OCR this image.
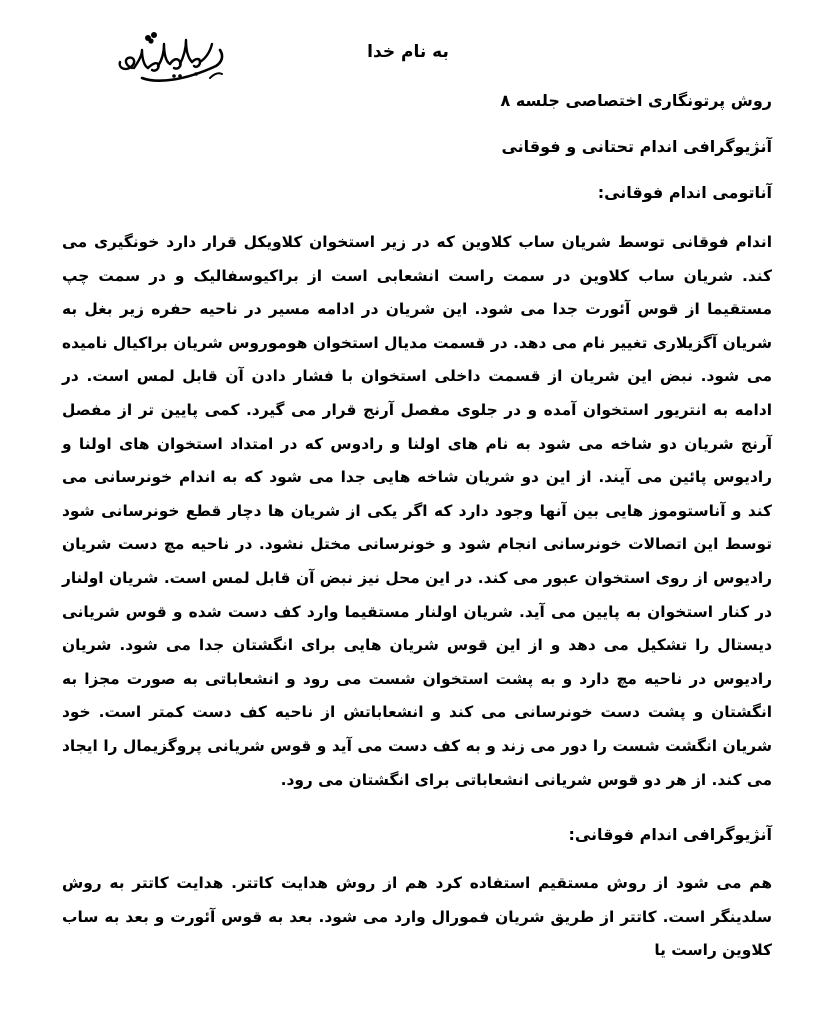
به نام خدا
روش پرتونگاری اختصاصی جلسه ۸
آنژیوگرافی اندام تحتانی و فوقانی
آناتومی اندام فوقانی:

اندام فوقانی توسط شریان ساب کلاوین که در زیر استخوان کلاویکل قرار دارد خونگیری می کند. شریان ساب کلاوین در سمت راست انشعابی است از براکیوسفالیک و در سمت چپ مستقیما از قوس آئورت جدا می شود. این شریان در ادامه مسیر در ناحیه حفره زیر بغل به شریان آگزیلاری تغییر نام می دهد. در قسمت مدیال استخوان هوموروس شریان براکیال نامیده می شود. نبض این شریان از قسمت داخلی استخوان با فشار دادن آن قابل لمس است. در ادامه به انتریور استخوان آمده و در جلوی مفصل آرنج قرار می گیرد. کمی پایین تر از مفصل آرنج شریان دو شاخه می شود به نام های اولنا و رادوس که در امتداد استخوان های اولنا و رادیوس پائین می آیند. از این دو شریان شاخه هایی جدا می شود که به اندام خونرسانی می کند و آناستوموز هایی بین آنها وجود دارد که اگر یکی از شریان ها دچار قطع خونرسانی شود توسط این اتصالات خونرسانی انجام شود و خونرسانی مختل نشود. در ناحیه مچ دست شریان رادیوس از روی استخوان عبور می کند. در این محل نیز نبض آن قابل لمس است. شریان اولنار در کنار استخوان به پایین می آید. شریان اولنار مستقیما وارد کف دست شده و قوس شریانی دیستال را تشکیل می دهد و از این قوس شریان هایی برای انگشتان جدا می شود. شریان رادیوس در ناحیه مچ دارد و به پشت استخوان شست می رود و انشعاباتی به صورت مجزا به انگشتان و پشت دست خونرسانی می کند و انشعاباتش از ناحیه کف دست کمتر است. خود شریان انگشت شست را دور می زند و به کف دست می آید و قوس شریانی پروگزیمال را ایجاد می کند. از هر دو قوس شریانی انشعاباتی برای انگشتان می رود.

آنژیوگرافی اندام فوقانی:

هم می شود از روش مستقیم استفاده کرد هم از روش هدایت کاتتر. هدایت کاتتر به روش سلدینگر است. کاتتر از طریق شریان فمورال وارد می شود. بعد به قوس آئورت و بعد به ساب کلاوین راست یا
